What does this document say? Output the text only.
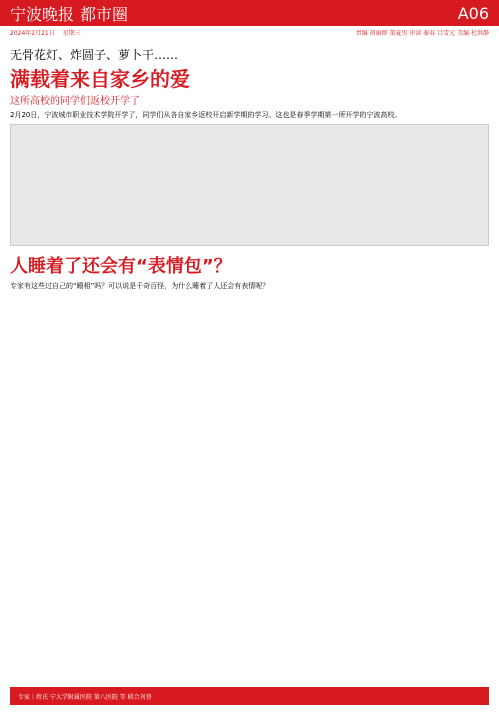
宁波晚报 都市圈	A06
2024年2月21日 星期三	责编 胡丽群 董夏男 审读 秦春 吕雪元 美编 杜洪静
无骨花灯、炸圆子、萝卜干……
满载着来自家乡的爱
这所高校的同学们返校开学了

2月20日，宁波城市职业技术学院开学了，同学们从各自家乡返校开启新学期的学习。这也是春季学期第一所开学的宁波高校。

人睡着了还会有“表情包”？

专家有这些过自己的“睡相”吗？可以说是千奇百怪，为什么睡着了人还会有表情呢？

专家｜姓氏 宁大学附属医院 第八医院 等 联合刊登
